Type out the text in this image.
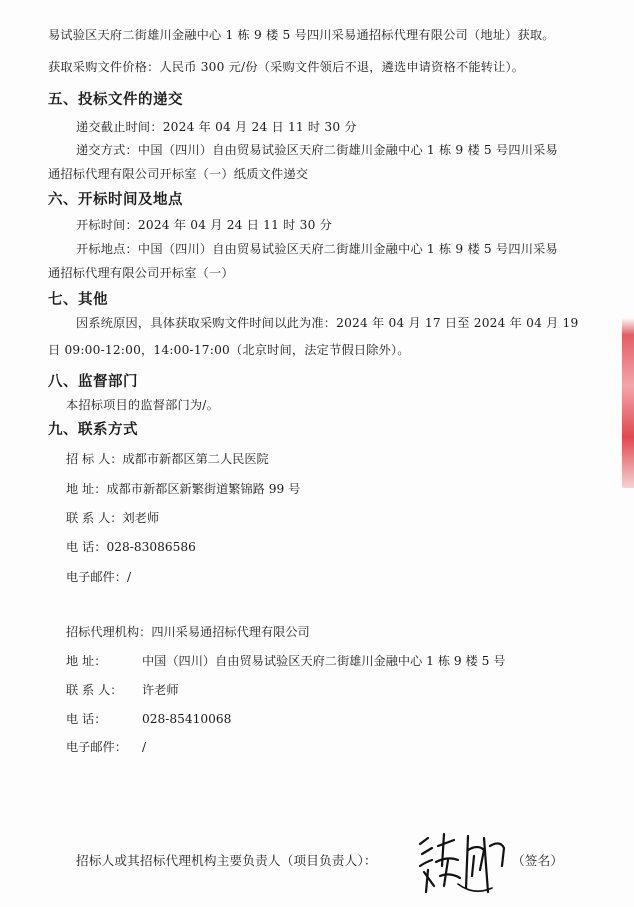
易试验区天府二街雄川金融中心 1 栋 9 楼 5 号四川采易通招标代理有限公司（地址）获取。
获取采购文件价格：人民币 300 元/份（采购文件领后不退，遴选申请资格不能转让）。
五、投标文件的递交
递交截止时间：2024 年 04 月 24 日 11 时 30 分
递交方式：中国（四川）自由贸易试验区天府二街雄川金融中心 1 栋 9 楼 5 号四川采易
通招标代理有限公司开标室（一）纸质文件递交
六、开标时间及地点
开标时间：2024 年 04 月 24 日 11 时 30 分
开标地点：中国（四川）自由贸易试验区天府二街雄川金融中心 1 栋 9 楼 5 号四川采易
通招标代理有限公司开标室（一）
七、其他
因系统原因，具体获取采购文件时间以此为准：2024 年 04 月 17 日至 2024 年 04 月 19
日 09:00-12:00，14:00-17:00（北京时间，法定节假日除外）。
八、监督部门
本招标项目的监督部门为/。
九、联系方式
招 标 人：成都市新都区第二人民医院
地 址：成都市新都区新繁街道繁锦路 99 号
联 系 人：刘老师
电 话：028-83086586
电子邮件：/
招标代理机构：四川采易通招标代理有限公司
地 址：	中国（四川）自由贸易试验区天府二街雄川金融中心 1 栋 9 楼 5 号
联 系 人： 许老师
电 话：	028-85410068
电子邮件： /
招标人或其招标代理机构主要负责人（项目负责人）：	（签名）
